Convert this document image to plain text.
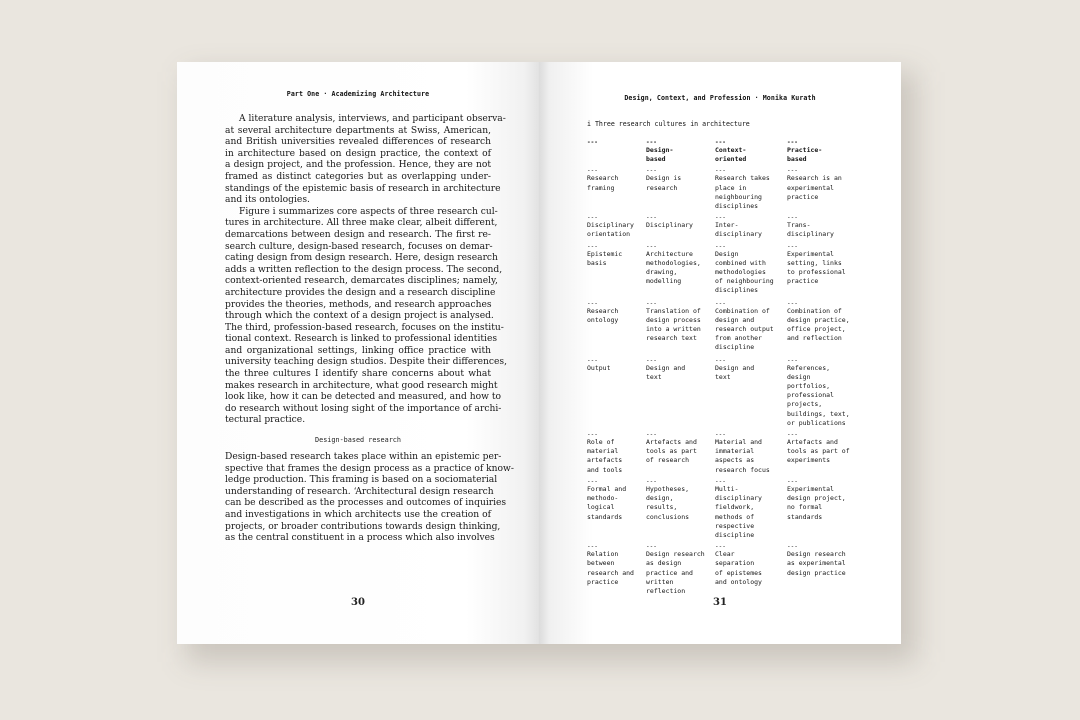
Part One · Academizing Architecture
A literature analysis, interviews, and participant observa-
at several architecture departments at Swiss, American,
and British universities revealed differences of research
in architecture based on design practice, the context of
a design project, and the profession. Hence, they are not
framed as distinct categories but as overlapping under-
standings of the epistemic basis of research in architecture
and its ontologies.
Figure i summarizes core aspects of three research cul-
tures in architecture. All three make clear, albeit different,
demarcations between design and research. The first re-
search culture, design-based research, focuses on demar-
cating design from design research. Here, design research
adds a written reflection to the design process. The second,
context-oriented research, demarcates disciplines; namely,
architecture provides the design and a research discipline
provides the theories, methods, and research approaches
through which the context of a design project is analysed.
The third, profession-based research, focuses on the institu-
tional context. Research is linked to professional identities
and organizational settings, linking office practice with
university teaching design studios. Despite their differences,
the three cultures I identify share concerns about what
makes research in architecture, what good research might
look like, how it can be detected and measured, and how to
do research without losing sight of the importance of archi-
tectural practice.
Design-based research
Design-based research takes place within an epistemic per-
spective that frames the design process as a practice of know-
ledge production. This framing is based on a sociomaterial
understanding of research. ‘Architectural design research
can be described as the processes and outcomes of inquiries
and investigations in which architects use the creation of
projects, or broader contributions towards design thinking,
as the central constituent in a process which also involves
30
Design, Context, and Profession · Monika Kurath
i Three research cultures in architecture
---	---
Design-
based
---
Context-
oriented
---
Practice-
based
---
Research
framing
---
Design is
research
---
Research takes
place in
neighbouring
disciplines
---
Research is an
experimental
practice
---
Disciplinary
orientation
---
Disciplinary
---
Inter-
disciplinary
---
Trans-
disciplinary
---
Epistemic
basis
---
Architecture
methodologies,
drawing,
modelling
---
Design
combined with
methodologies
of neighbouring
disciplines
---
Experimental
setting, links
to professional
practice
---
Research
ontology
---
Translation of
design process
into a written
research text
---
Combination of
design and
research output
from another
discipline
---
Combination of
design practice,
office project,
and reflection
---
Output
---
Design and
text
---
Design and
text
---
References,
design
portfolios,
professional
projects,
buildings, text,
or publications
---
Role of
material
artefacts
and tools
---
Artefacts and
tools as part
of research
---
Material and
immaterial
aspects as
research focus
---
Artefacts and
tools as part of
experiments
---
Formal and
methodo-
logical
standards
---
Hypotheses,
design,
results,
conclusions
---
Multi-
disciplinary
fieldwork,
methods of
respective
discipline
---
Experimental
design project,
no formal
standards
---
Relation
between
research and
practice
---
Design research
as design
practice and
written
reflection
---
Clear
separation
of epistemes
and ontology
---
Design research
as experimental
design practice
31
